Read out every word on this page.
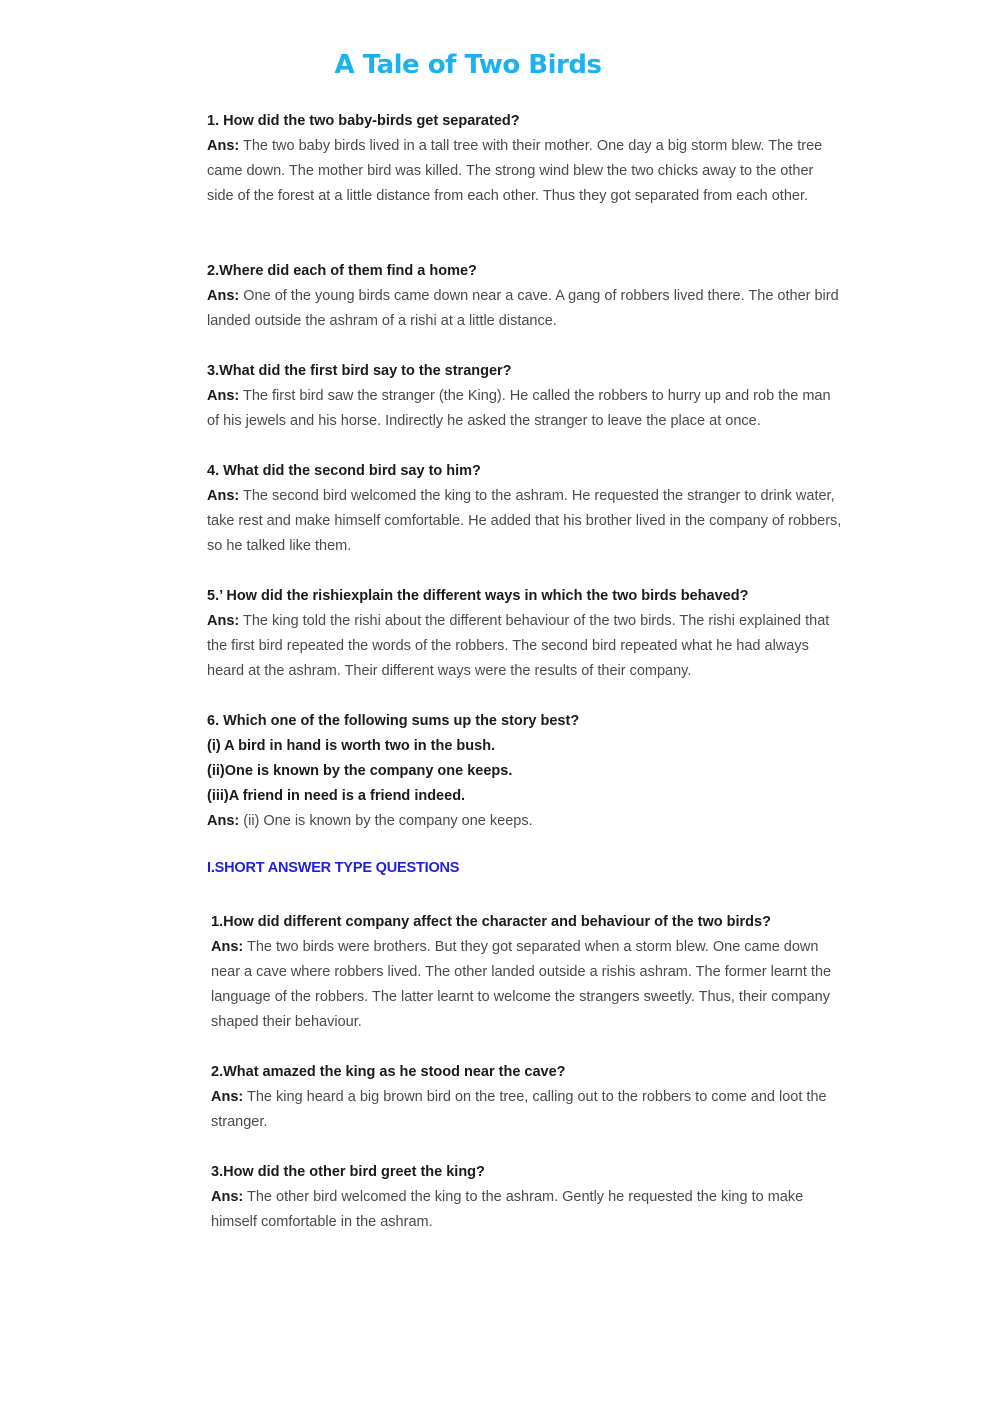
A Tale of Two Birds

1. How did the two baby-birds get separated?

Ans: The two baby birds lived in a tall tree with their mother. One day a big storm blew. The tree came down. The mother bird was killed. The strong wind blew the two chicks away to the other side of the forest at a little distance from each other. Thus they got separated from each other.

2.Where did each of them find a home?

Ans: One of the young birds came down near a cave. A gang of robbers lived there. The other bird landed outside the ashram of a rishi at a little distance.

3.What did the first bird say to the stranger?

Ans: The first bird saw the stranger (the King). He called the robbers to hurry up and rob the man of his jewels and his horse. Indirectly he asked the stranger to leave the place at once.

4. What did the second bird say to him?

Ans: The second bird welcomed the king to the ashram. He requested the stranger to drink water, take rest and make himself comfortable. He added that his brother lived in the company of robbers, so he talked like them.

5.’ How did the rishiexplain the different ways in which the two birds behaved?

Ans: The king told the rishi about the different behaviour of the two birds. The rishi explained that the first bird repeated the words of the robbers. The second bird repeated what he had always heard at the ashram. Their different ways were the results of their company.

6. Which one of the following sums up the story best?

(i) A bird in hand is worth two in the bush.

(ii)One is known by the company one keeps.

(iii)A friend in need is a friend indeed.

Ans: (ii) One is known by the company one keeps.

I.SHORT ANSWER TYPE QUESTIONS

1.How did different company affect the character and behaviour of the two birds?

Ans: The two birds were brothers. But they got separated when a storm blew. One came down near a cave where robbers lived. The other landed outside a rishis ashram. The former learnt the language of the robbers. The latter learnt to welcome the strangers sweetly. Thus, their company shaped their behaviour.

2.What amazed the king as he stood near the cave?

Ans: The king heard a big brown bird on the tree, calling out to the robbers to come and loot the stranger.

3.How did the other bird greet the king?

Ans: The other bird welcomed the king to the ashram. Gently he requested the king to make himself comfortable in the ashram.
